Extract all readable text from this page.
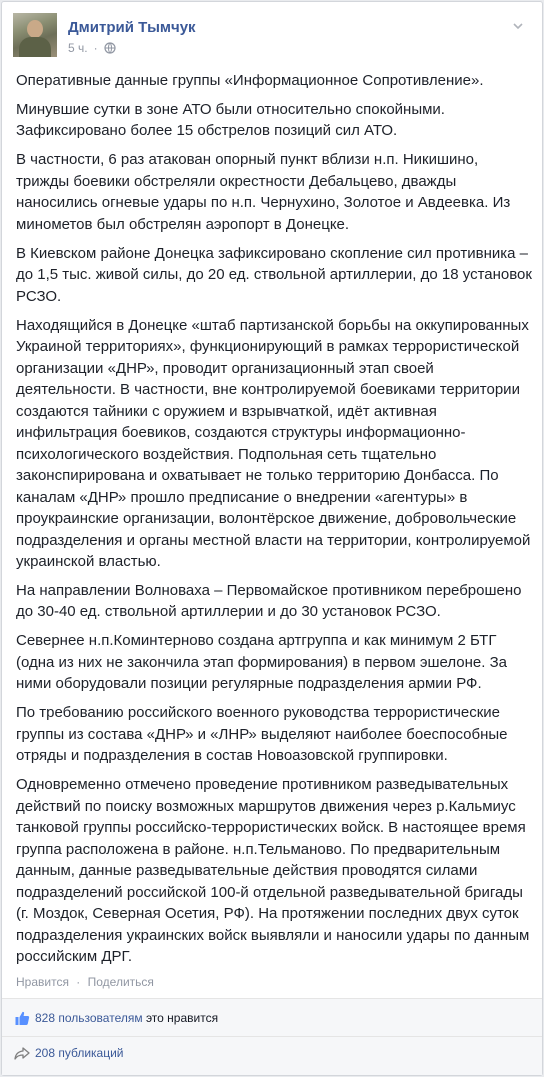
Дмитрий Тымчук
5 ч. ·

Оперативные данные группы «Информационное Сопротивление».

Минувшие сутки в зоне АТО были относительно спокойными. Зафиксировано более 15 обстрелов позиций сил АТО.

В частности, 6 раз атакован опорный пункт вблизи н.п. Никишино, трижды боевики обстреляли окрестности Дебальцево, дважды наносились огневые удары по н.п. Чернухино, Золотое и Авдеевка. Из минометов был обстрелян аэропорт в Донецке.

В Киевском районе Донецка зафиксировано скопление сил противника – до 1,5 тыс. живой силы, до 20 ед. ствольной артиллерии, до 18 установок РСЗО.

Находящийся в Донецке «штаб партизанской борьбы на оккупированных Украиной территориях», функционирующий в рамках террористической организации «ДНР», проводит организационный этап своей деятельности. В частности, вне контролируемой боевиками территории создаются тайники с оружием и взрывчаткой, идёт активная инфильтрация боевиков, создаются структуры информационно-психологического воздействия. Подпольная сеть тщательно законспирирована и охватывает не только территорию Донбасса. По каналам «ДНР» прошло предписание о внедрении «агентуры» в проукраинские организации, волонтёрское движение, добровольческие подразделения и органы местной власти на территории, контролируемой украинской властью.

На направлении Волноваха – Первомайское противником переброшено до 30-40 ед. ствольной артиллерии и до 30 установок РСЗО.

Севернее н.п.Коминтерново создана артгруппа и как минимум 2 БТГ (одна из них не закончила этап формирования) в первом эшелоне. За ними оборудовали позиции регулярные подразделения армии РФ.

По требованию российского военного руководства террористические группы из состава «ДНР» и «ЛНР» выделяют наиболее боеспособные отряды и подразделения в состав Новоазовской группировки.

Одновременно отмечено проведение противником разведывательных действий по поиску возможных маршрутов движения через р.Кальмиус танковой группы российско-террористических войск. В настоящее время группа расположена в районе. н.п.Тельманово. По предварительным данным, данные разведывательные действия проводятся силами подразделений российской 100-й отдельной разведывательной бригады (г. Моздок, Северная Осетия, РФ). На протяжении последних двух суток подразделения украинских войск выявляли и наносили удары по данным российским ДРГ.

Нравится · Поделиться
828 пользователям это нравится
208 публикаций
